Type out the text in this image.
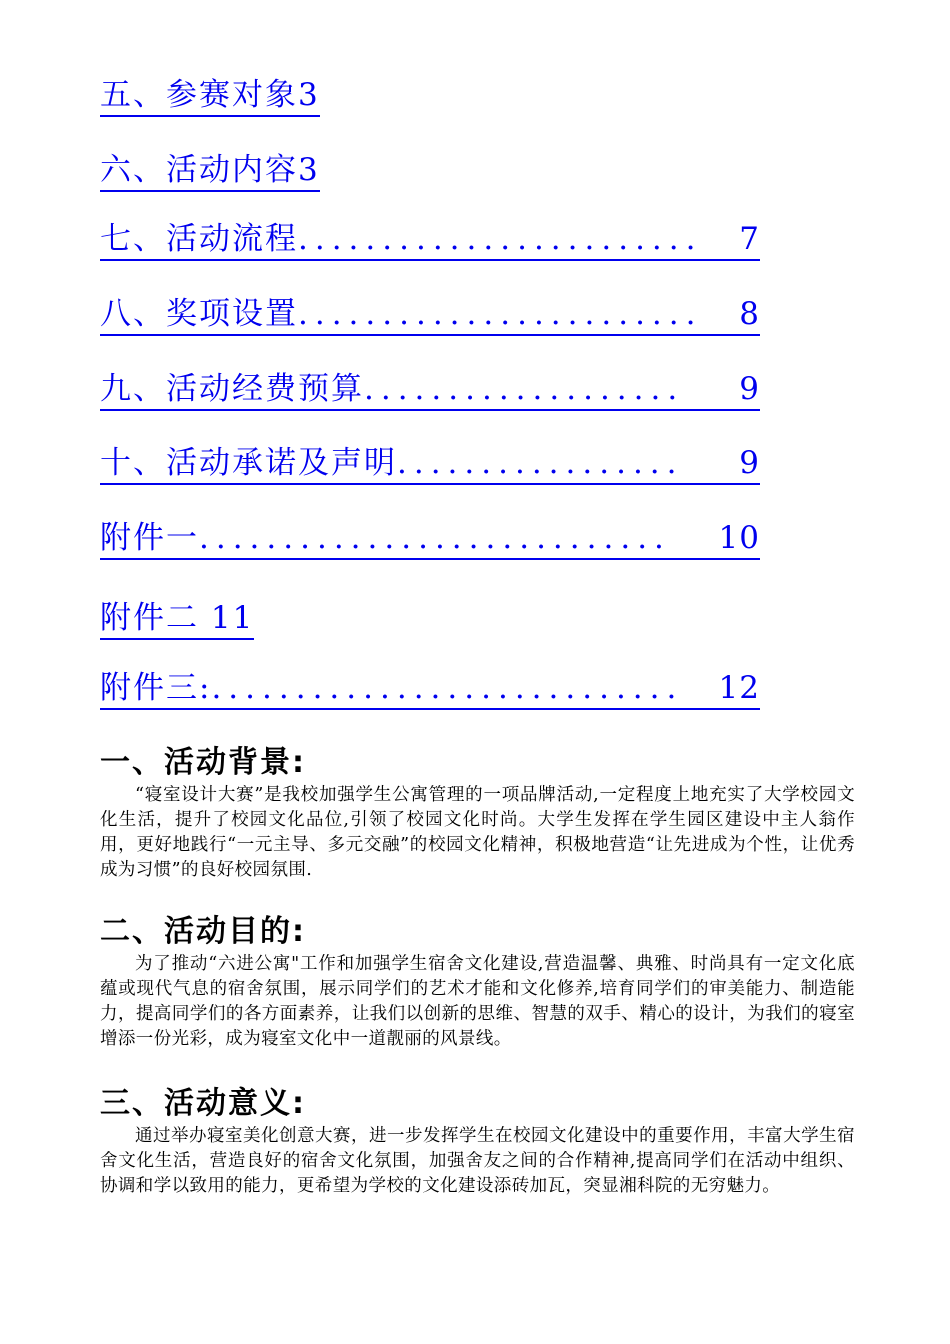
五、参赛对象3
六、活动内容3
七、活动流程 ........................	7
八、奖项设置 ........................	8
九、活动经费预算 ...................	9
十、活动承诺及声明 .................	9
附件一 ............................	10
附件二 11
附件三: ............................	12
一、活动背景:

“寝室设计大赛”是我校加强学生公寓管理的一项品牌活动,一定程度上地充实了大学校园文化生活，提升了校园文化品位,引领了校园文化时尚。大学生发挥在学生园区建设中主人翁作用，更好地践行“一元主导、多元交融”的校园文化精神，积极地营造“让先进成为个性，让优秀成为习惯”的良好校园氛围.

二、活动目的:

为了推动“六进公寓"工作和加强学生宿舍文化建设,营造温馨、典雅、时尚具有一定文化底蕴或现代气息的宿舍氛围，展示同学们的艺术才能和文化修养,培育同学们的审美能力、制造能力，提高同学们的各方面素养，让我们以创新的思维、智慧的双手、精心的设计，为我们的寝室增添一份光彩，成为寝室文化中一道靓丽的风景线。

三、活动意义:

通过举办寝室美化创意大赛，进一步发挥学生在校园文化建设中的重要作用，丰富大学生宿舍文化生活，营造良好的宿舍文化氛围，加强舍友之间的合作精神,提高同学们在活动中组织、协调和学以致用的能力，更希望为学校的文化建设添砖加瓦，突显湘科院的无穷魅力。
